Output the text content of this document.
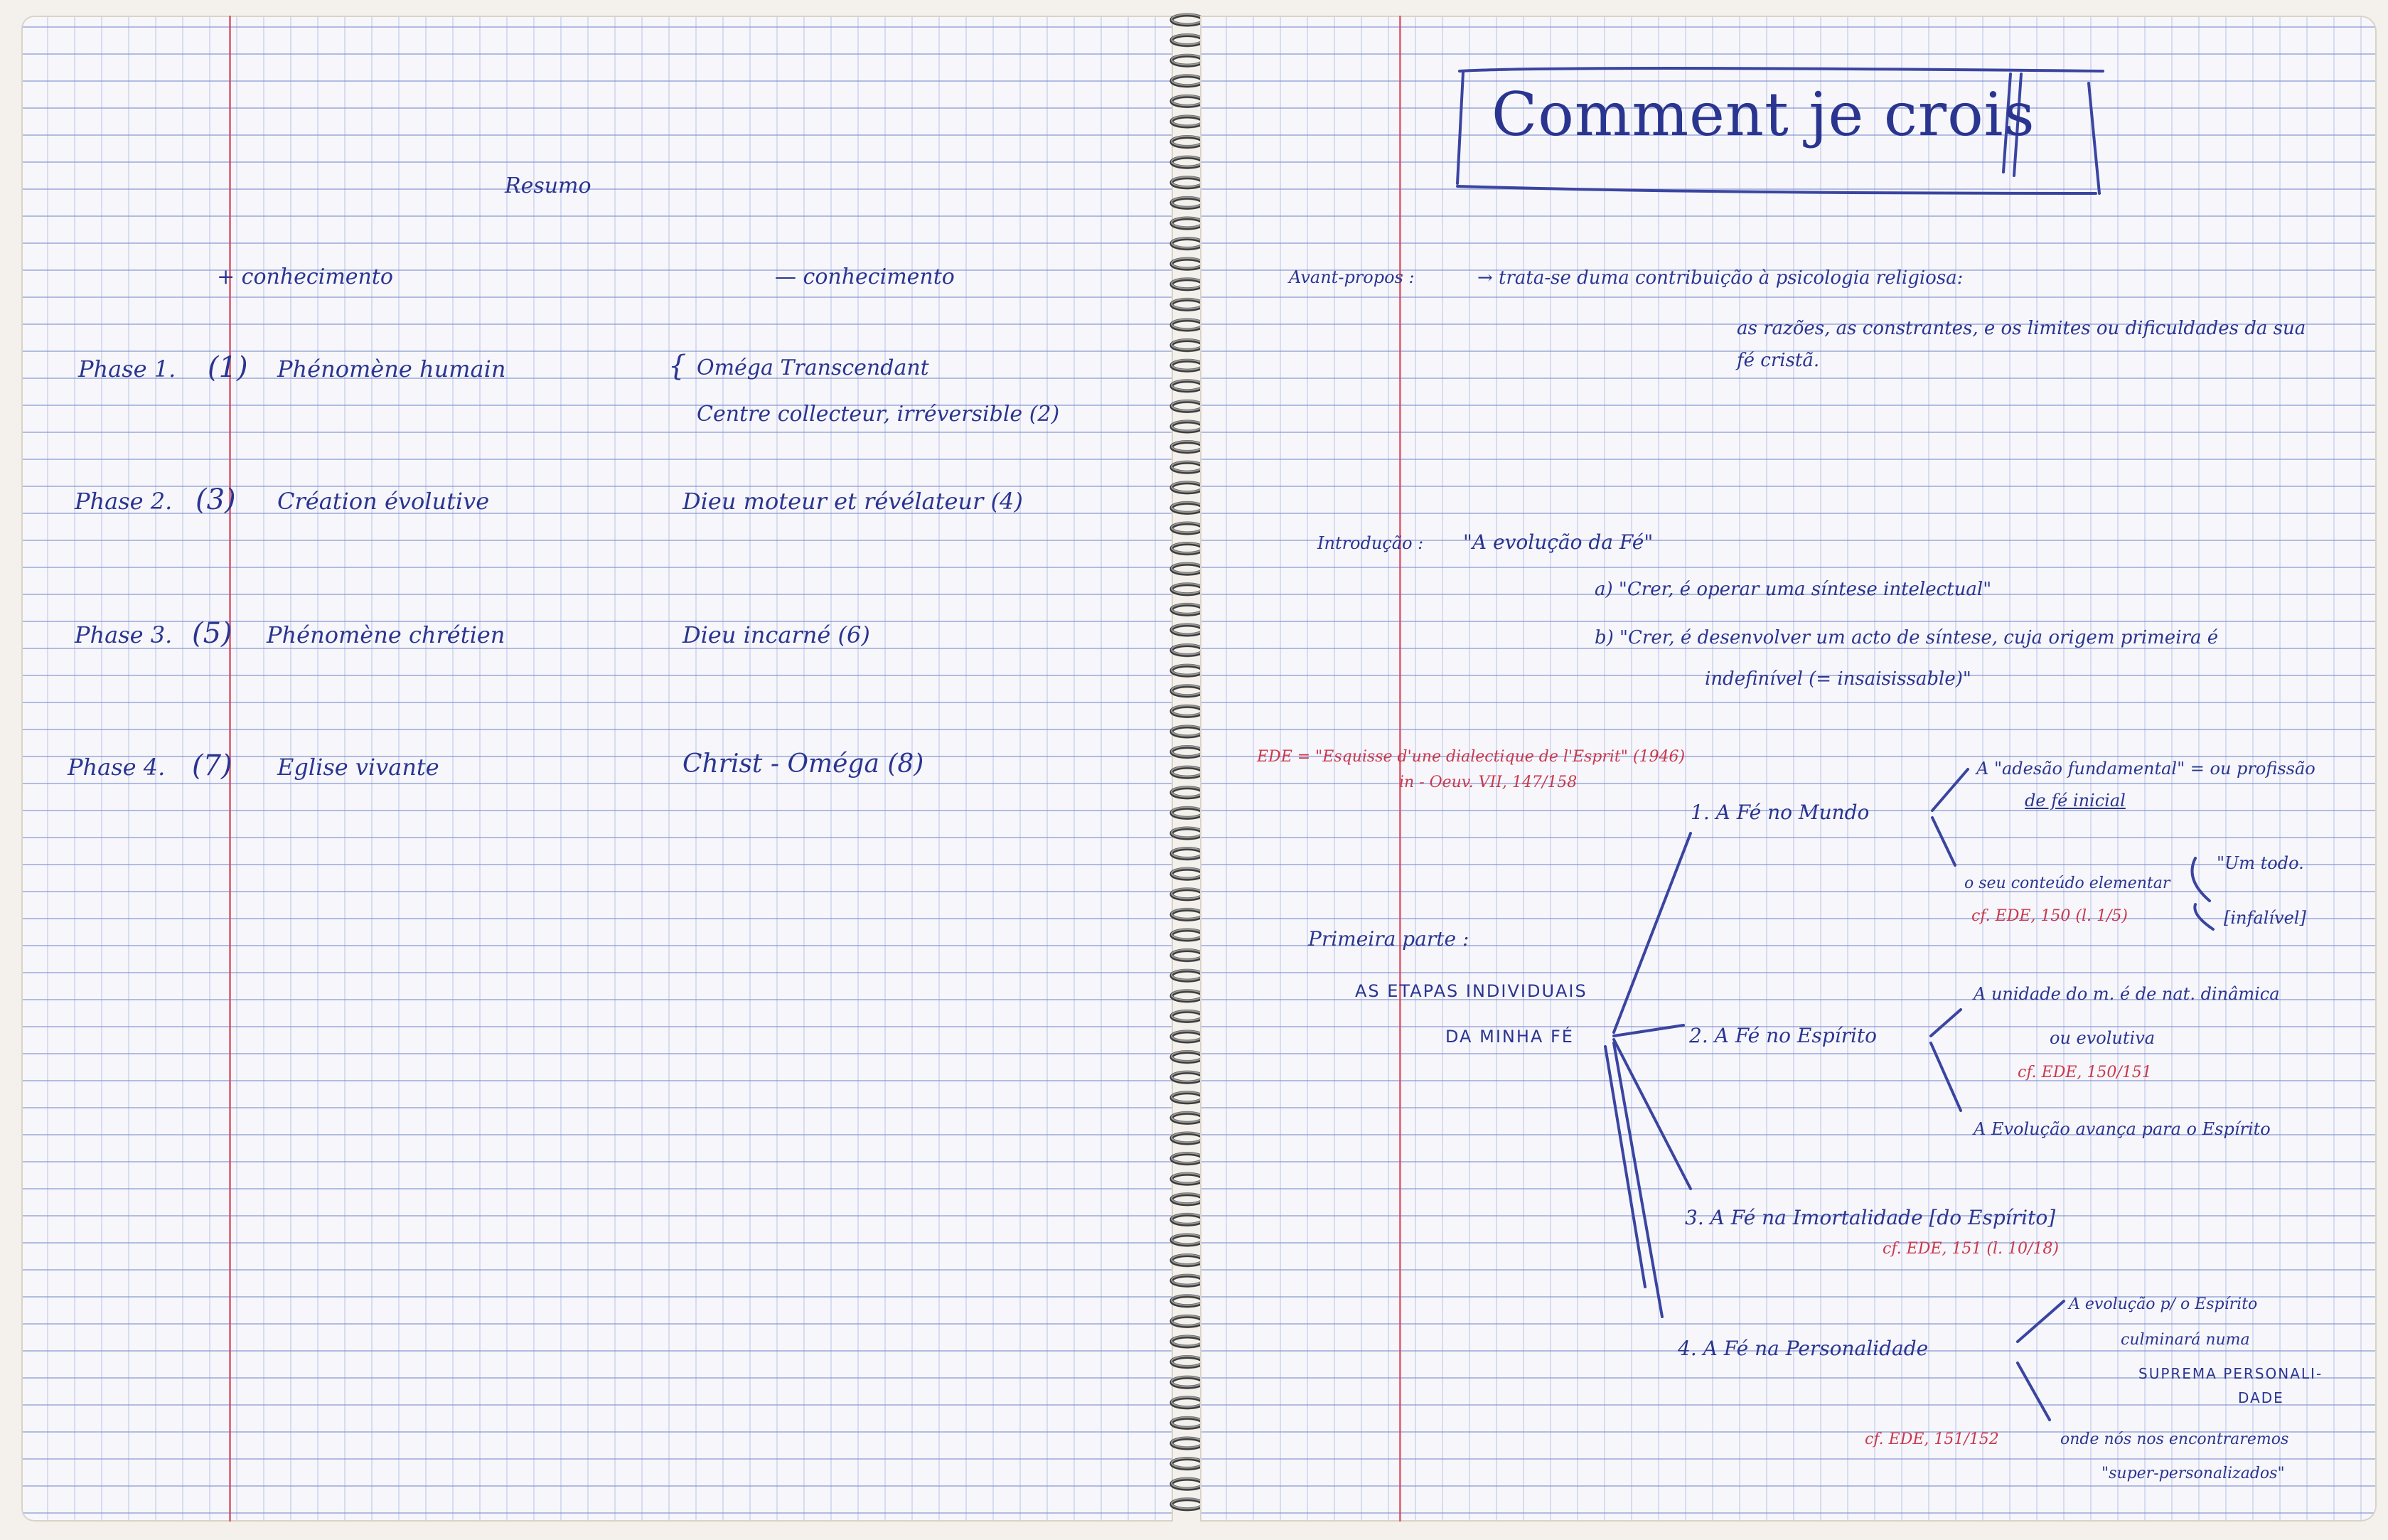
Resumo
+ conhecimento	— conhecimento
Phase 1. (1) Phénomène humain	{ Oméga Transcendant
Centre collecteur, irréversible (2)
Phase 2. (3) Création évolutive	Dieu moteur et révélateur (4)
Phase 3. (5) Phénomène chrétien	Dieu incarné (6)
Phase 4. (7) Eglise vivante	Christ - Oméga (8)
Comment je crois
Avant-propos :	→ trata-se duma contribuição à psicologia religiosa:
as razões, as constrantes, e os limites ou dificuldades da sua
fé cristã.
Introdução : "A evolução da Fé"
a) "Crer, é operar uma síntese intelectual"
b) "Crer, é desenvolver um acto de síntese, cuja origem primeira é
indefinível (= insaisissable)"
EDE = "Esquisse d'une dialectique de l'Esprit" (1946)
in - Oeuv. VII, 147/158
Primeira parte :
AS ETAPAS INDIVIDUAIS
DA MINHA FÉ
1. A Fé no Mundo
A "adesão fundamental" = ou profissão
de fé inicial
o seu conteúdo elementar
cf. EDE, 150 (l. 1/5)
"Um todo.
[infalível]
2. A Fé no Espírito
A unidade do m. é de nat. dinâmica
ou evolutiva
cf. EDE, 150/151
A Evolução avança para o Espírito
3. A Fé na Imortalidade [do Espírito]
cf. EDE, 151 (l. 10/18)
4. A Fé na Personalidade
cf. EDE, 151/152
A evolução p/ o Espírito
culminará numa
SUPREMA PERSONALI-
DADE
onde nós nos encontraremos
"super-personalizados"
